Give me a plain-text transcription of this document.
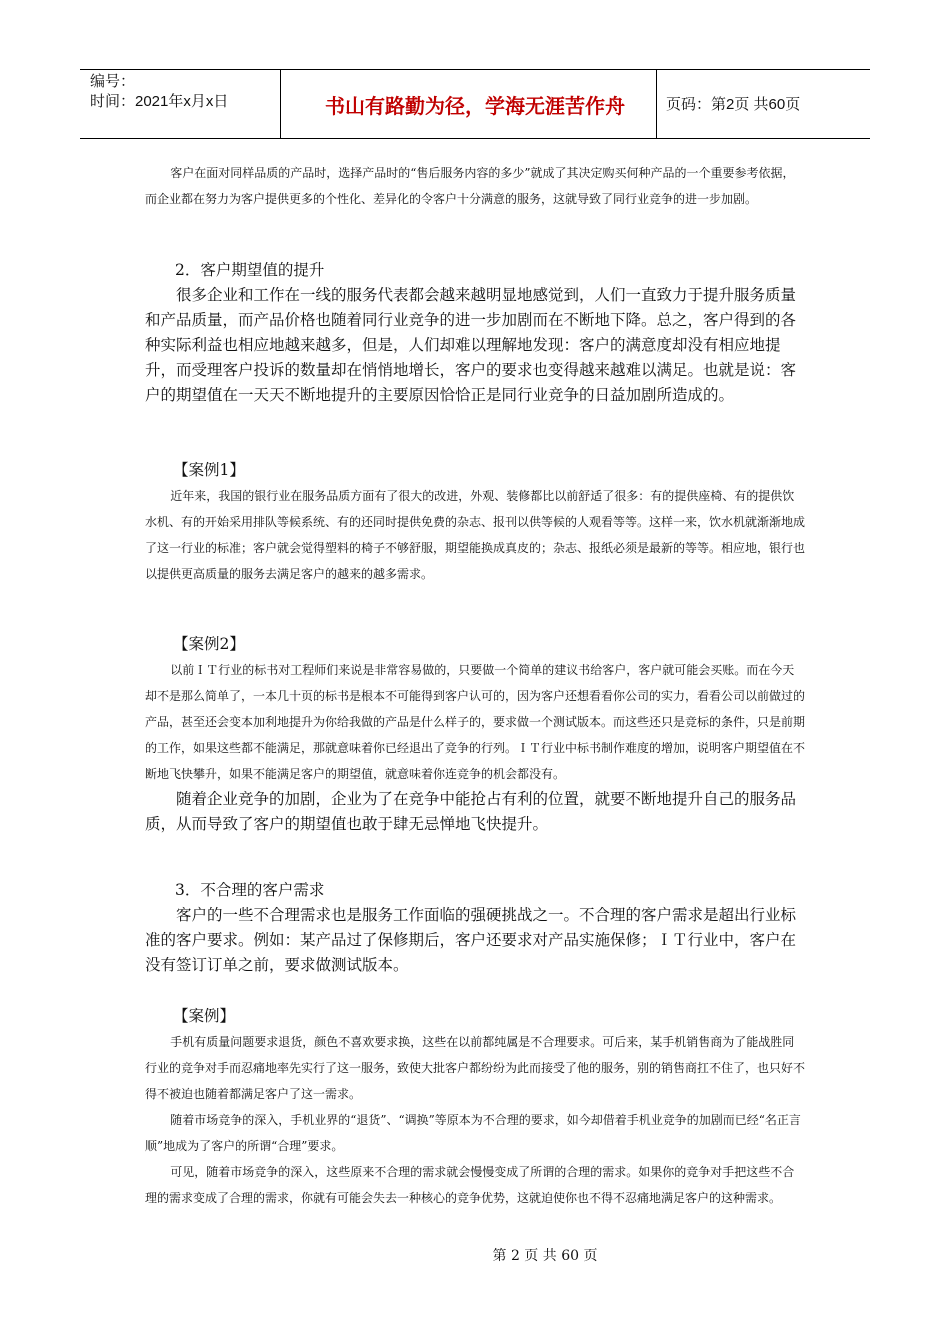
编号：
时间：2021年x月x日	书山有路勤为径，学海无涯苦作舟	页码：第2页 共60页

客户在面对同样品质的产品时，选择产品时的“售后服务内容的多少”就成了其决定购买何种产品的一个重要参考依据，而企业都在努力为客户提供更多的个性化、差异化的令客户十分满意的服务，这就导致了同行业竞争的进一步加剧。

2．客户期望值的提升

很多企业和工作在一线的服务代表都会越来越明显地感觉到，人们一直致力于提升服务质量和产品质量，而产品价格也随着同行业竞争的进一步加剧而在不断地下降。总之，客户得到的各种实际利益也相应地越来越多，但是，人们却难以理解地发现：客户的满意度却没有相应地提升，而受理客户投诉的数量却在悄悄地增长，客户的要求也变得越来越难以满足。也就是说：客户的期望值在一天天不断地提升的主要原因恰恰正是同行业竞争的日益加剧所造成的。

【案例1】

近年来，我国的银行业在服务品质方面有了很大的改进，外观、装修都比以前舒适了很多：有的提供座椅、有的提供饮水机、有的开始采用排队等候系统、有的还同时提供免费的杂志、报刊以供等候的人观看等等。这样一来，饮水机就渐渐地成了这一行业的标准；客户就会觉得塑料的椅子不够舒服，期望能换成真皮的；杂志、报纸必须是最新的等等。相应地，银行也以提供更高质量的服务去满足客户的越来的越多需求。

【案例2】

以前ＩＴ行业的标书对工程师们来说是非常容易做的，只要做一个简单的建议书给客户，客户就可能会买账。而在今天却不是那么简单了，一本几十页的标书是根本不可能得到客户认可的，因为客户还想看看你公司的实力，看看公司以前做过的产品，甚至还会变本加利地提升为你给我做的产品是什么样子的，要求做一个测试版本。而这些还只是竞标的条件，只是前期的工作，如果这些都不能满足，那就意味着你已经退出了竞争的行列。ＩＴ行业中标书制作难度的增加，说明客户期望值在不断地飞快攀升，如果不能满足客户的期望值，就意味着你连竞争的机会都没有。

随着企业竞争的加剧，企业为了在竞争中能抢占有利的位置，就要不断地提升自己的服务品质，从而导致了客户的期望值也敢于肆无忌惮地飞快提升。

3．不合理的客户需求

客户的一些不合理需求也是服务工作面临的强硬挑战之一。不合理的客户需求是超出行业标准的客户要求。例如：某产品过了保修期后，客户还要求对产品实施保修；ＩＴ行业中，客户在没有签订订单之前，要求做测试版本。

【案例】

手机有质量问题要求退货，颜色不喜欢要求换，这些在以前都纯属是不合理要求。可后来，某手机销售商为了能战胜同行业的竞争对手而忍痛地率先实行了这一服务，致使大批客户都纷纷为此而接受了他的服务，别的销售商扛不住了，也只好不得不被迫也随着都满足客户了这一需求。

随着市场竞争的深入，手机业界的“退货”、“调换”等原本为不合理的要求，如今却借着手机业竞争的加剧而已经“名正言顺”地成为了客户的所谓“合理”要求。

可见，随着市场竞争的深入，这些原来不合理的需求就会慢慢变成了所谓的合理的需求。如果你的竞争对手把这些不合理的需求变成了合理的需求，你就有可能会失去一种核心的竞争优势，这就迫使你也不得不忍痛地满足客户的这种需求。

第 2 页 共 60 页
